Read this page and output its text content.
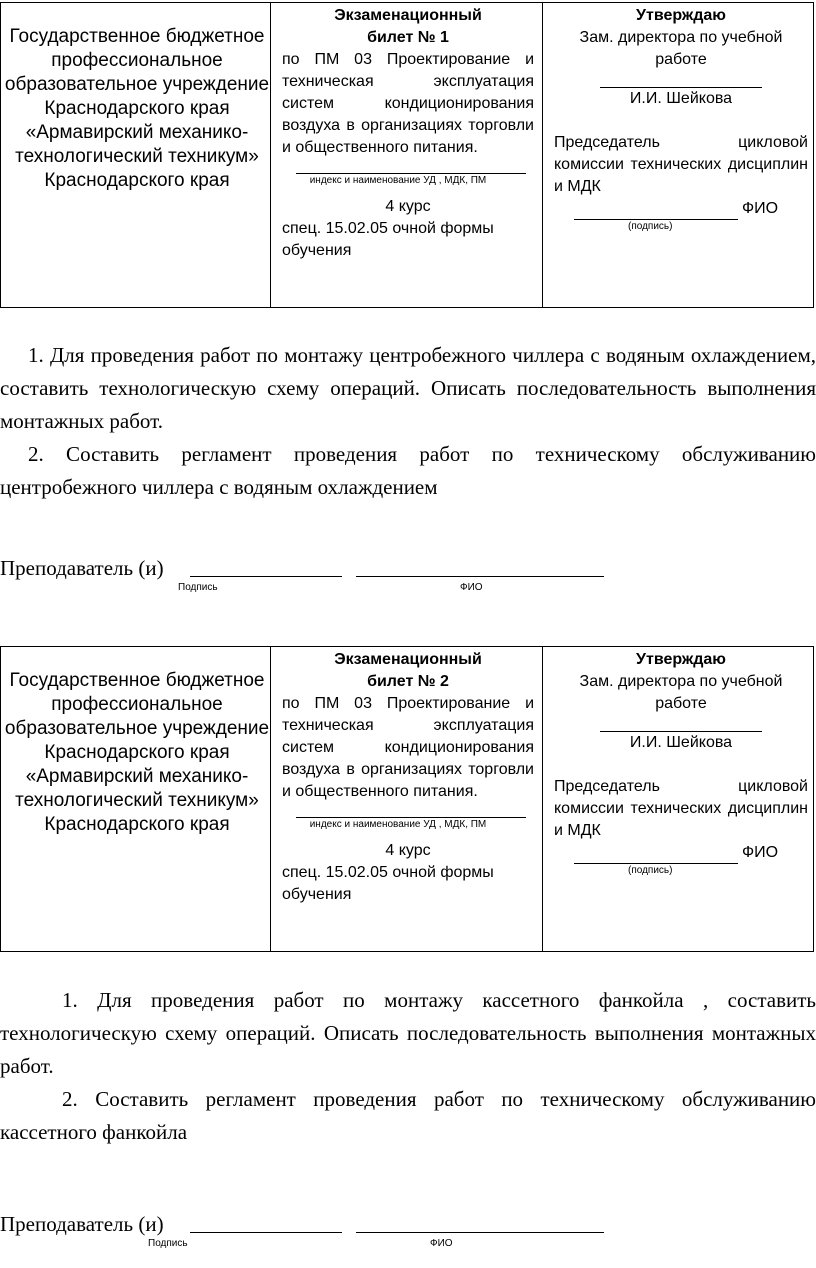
Государственное бюджетное профессиональное образовательное учреждение Краснодарского края «Армавирский механико-технологический техникум» Краснодарского края
Экзаменационный
билет № 1
по ПМ 03 Проектирование и техническая эксплуатация систем кондиционирования воздуха в организациях торговли и общественного питания.
индекс и наименование УД , МДК, ПМ
4 курс
спец. 15.02.05 очной формы обучения
Утверждаю
Зам. директора по учебной работе
И.И. Шейкова
Председатель цикловой комиссии технических дисциплин и МДК
ФИО
(подпись)

1. Для проведения работ по монтажу центробежного чиллера с водяным охлаждением, составить технологическую схему операций. Описать последовательность выполнения монтажных работ.

2. Составить регламент проведения работ по техническому обслуживанию центробежного чиллера с водяным охлаждением

Преподаватель (и)
Подпись	ФИО
Государственное бюджетное профессиональное образовательное учреждение Краснодарского края «Армавирский механико-технологический техникум» Краснодарского края
Экзаменационный
билет № 2
по ПМ 03 Проектирование и техническая эксплуатация систем кондиционирования воздуха в организациях торговли и общественного питания.
индекс и наименование УД , МДК, ПМ
4 курс
спец. 15.02.05 очной формы обучения
Утверждаю
Зам. директора по учебной работе
И.И. Шейкова
Председатель цикловой комиссии технических дисциплин и МДК
ФИО
(подпись)

1. Для проведения работ по монтажу кассетного фанкойла , составить технологическую схему операций. Описать последовательность выполнения монтажных работ.

2. Составить регламент проведения работ по техническому обслуживанию кассетного фанкойла

Преподаватель (и)
Подпись	ФИО
